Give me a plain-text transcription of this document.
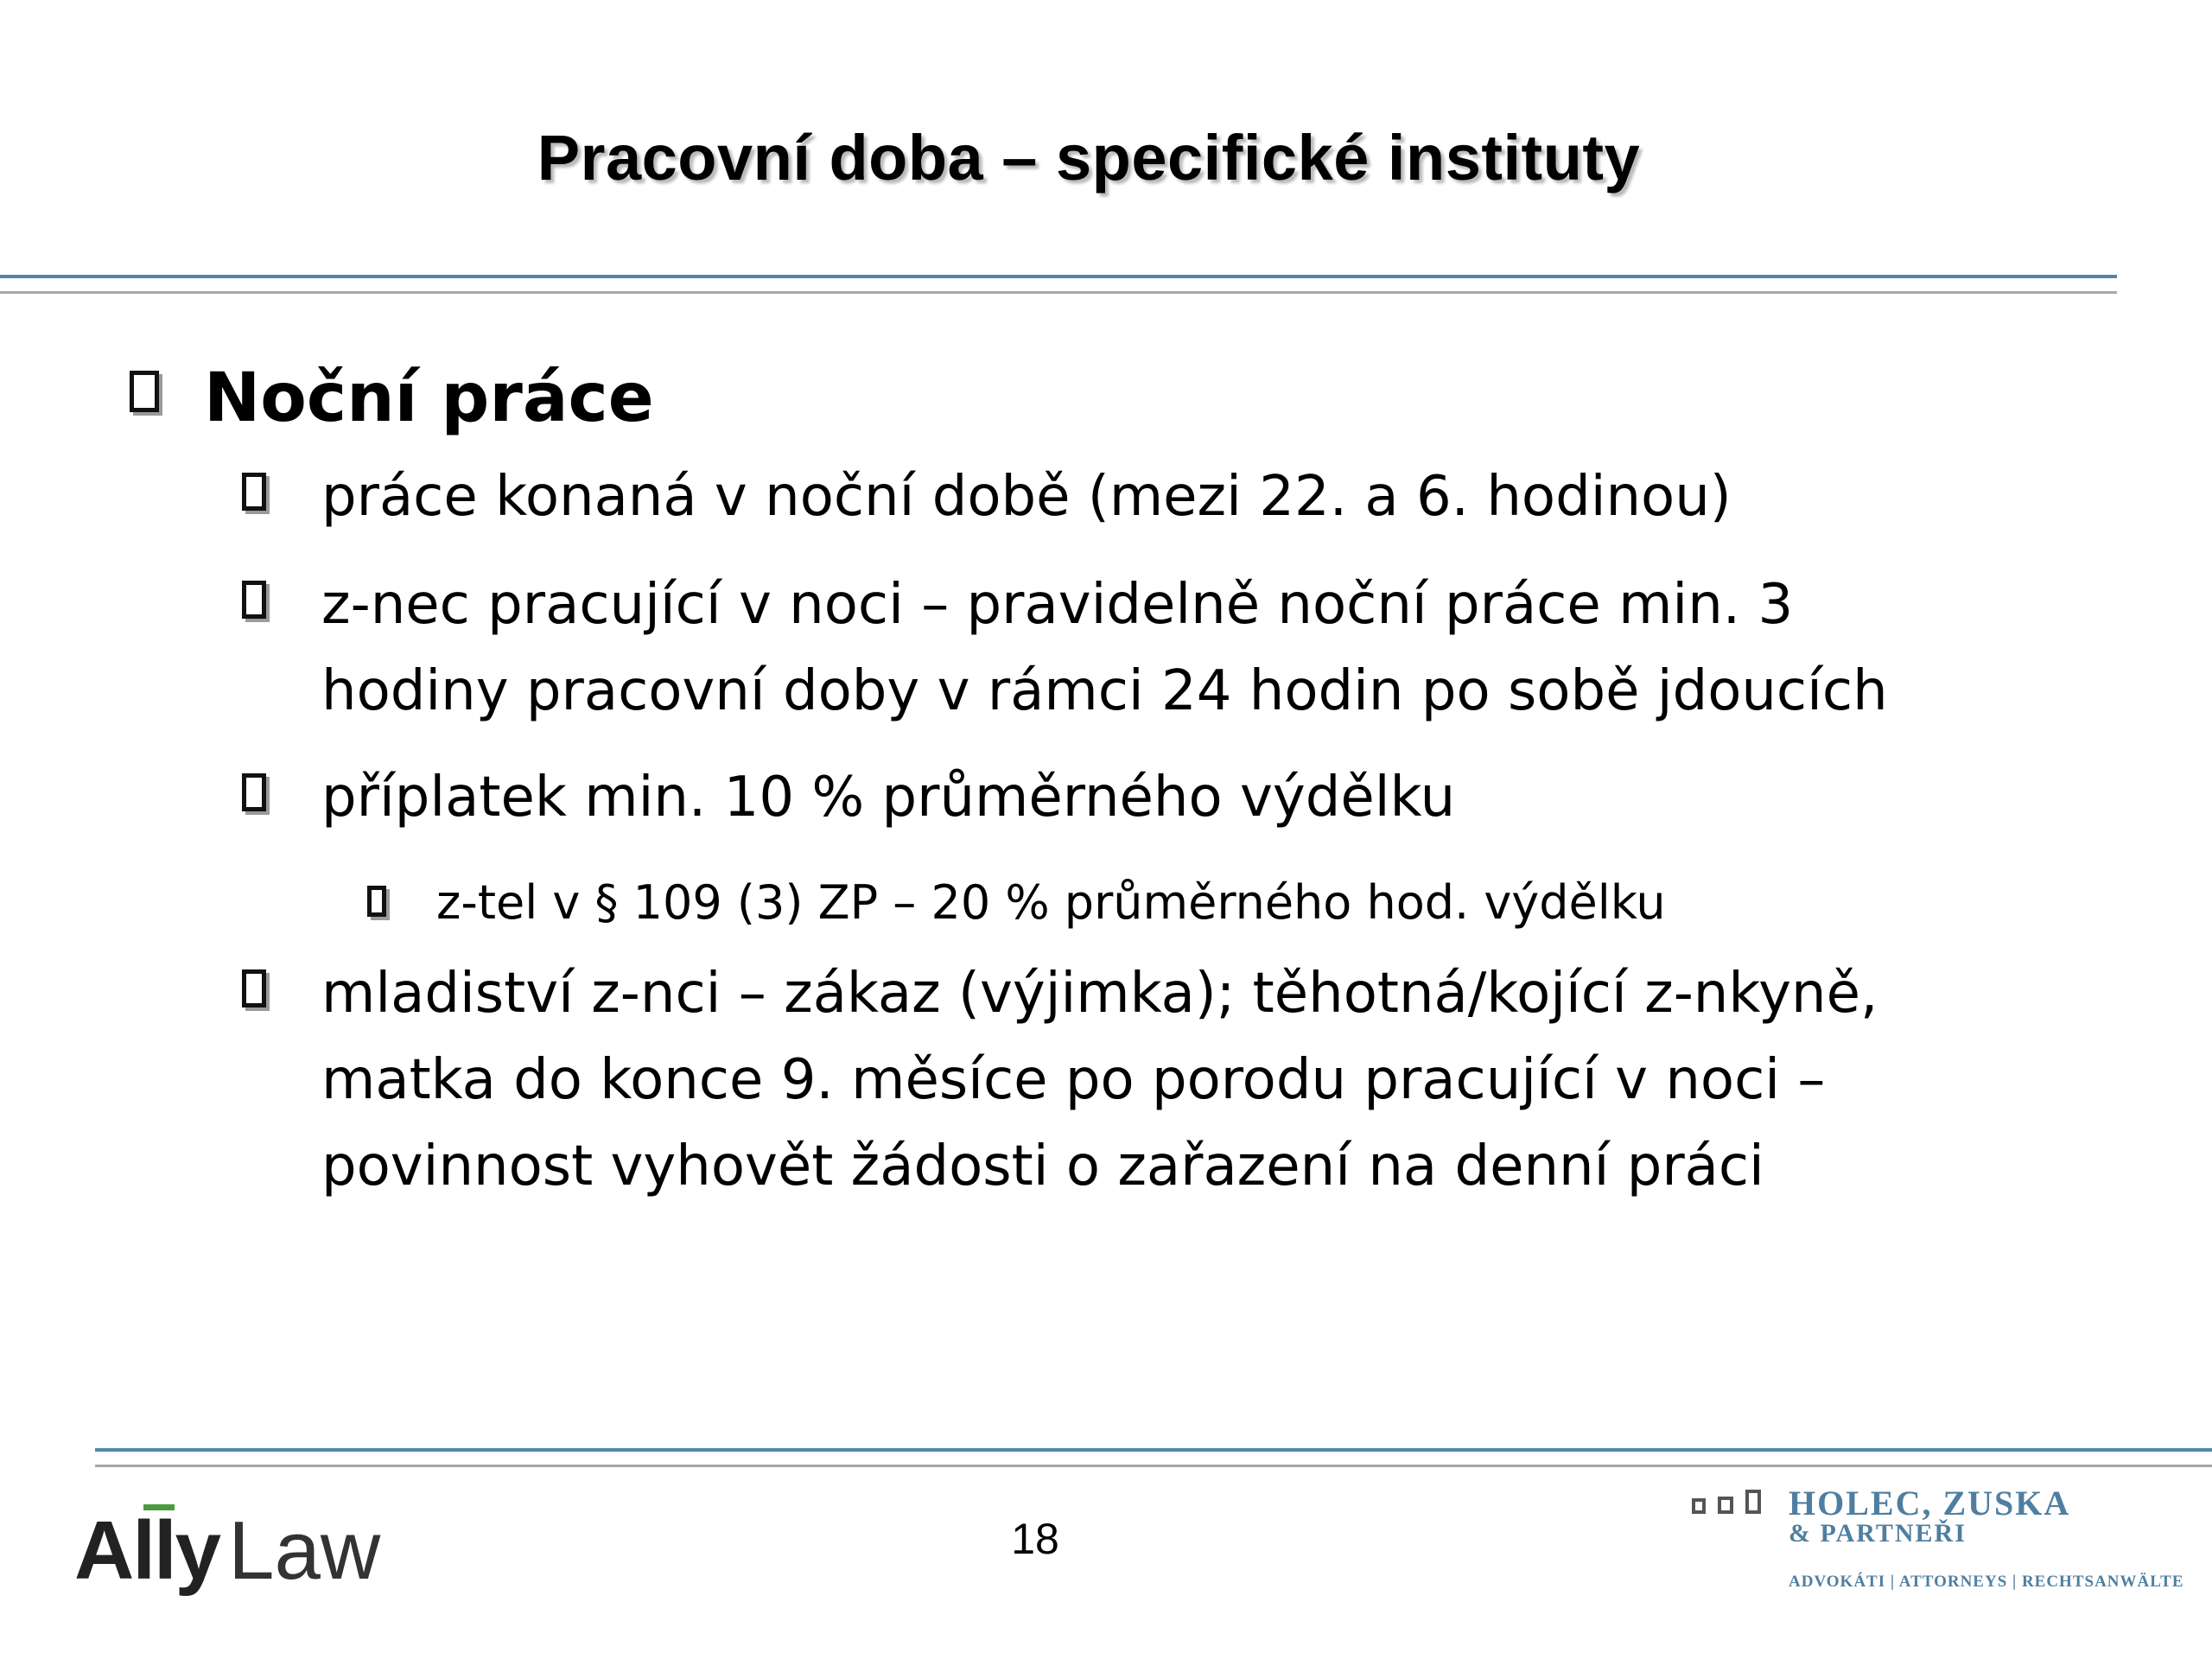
Pracovní doba – specifické instituty
Noční práce
práce konaná v noční době (mezi 22. a 6. hodinou)
z-nec pracující v noci – pravidelně noční práce min. 3
hodiny pracovní doby v rámci 24 hodin po sobě jdoucích
příplatek min. 10 % průměrného výdělku
z-tel v § 109 (3) ZP – 20 % průměrného hod. výdělku
mladiství z-nci – zákaz (výjimka); těhotná/kojící z-nkyně,
matka do konce 9. měsíce po porodu pracující v noci –
povinnost vyhovět žádosti o zařazení na denní práci
Ally Law	18
HOLEC, ZUSKA
& PARTNEŘI
ADVOKÁTI | ATTORNEYS | RECHTSANWÄLTE
